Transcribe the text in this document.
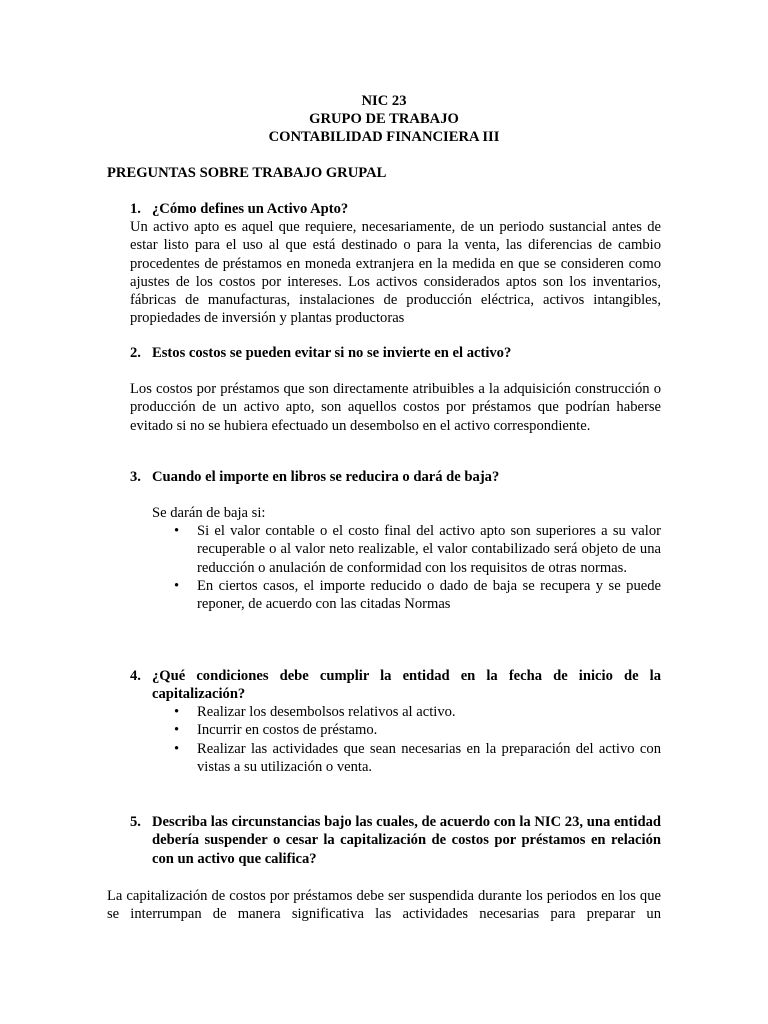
NIC 23
GRUPO DE TRABAJO
CONTABILIDAD FINANCIERA III
PREGUNTAS SOBRE TRABAJO GRUPAL
1. ¿Cómo defines un Activo Apto?
Un activo apto es aquel que requiere, necesariamente, de un periodo sustancial antes de estar listo para el uso al que está destinado o para la venta, las diferencias de cambio procedentes de préstamos en moneda extranjera en la medida en que se consideren como ajustes de los costos por intereses. Los activos considerados aptos son los inventarios, fábricas de manufacturas, instalaciones de producción eléctrica, activos intangibles, propiedades de inversión y plantas productoras
2. Estos costos se pueden evitar si no se invierte en el activo?
Los costos por préstamos que son directamente atribuibles a la adquisición construcción o producción de un activo apto, son aquellos costos por préstamos que podrían haberse evitado si no se hubiera efectuado un desembolso en el activo correspondiente.
3. Cuando el importe en libros se reducira o dará de baja?
Se darán de baja si:
• Si el valor contable o el costo final del activo apto son superiores a su valor recuperable o al valor neto realizable, el valor contabilizado será objeto de una reducción o anulación de conformidad con los requisitos de otras normas.
• En ciertos casos, el importe reducido o dado de baja se recupera y se puede reponer, de acuerdo con las citadas Normas
4. ¿Qué condiciones debe cumplir la entidad en la fecha de inicio de la capitalización?
• Realizar los desembolsos relativos al activo.
• Incurrir en costos de préstamo.
• Realizar las actividades que sean necesarias en la preparación del activo con vistas a su utilización o venta.
5. Describa las circunstancias bajo las cuales, de acuerdo con la NIC 23, una entidad debería suspender o cesar la capitalización de costos por préstamos en relación con un activo que califica?
La capitalización de costos por préstamos debe ser suspendida durante los periodos en los que se interrumpan de manera significativa las actividades necesarias para preparar un
